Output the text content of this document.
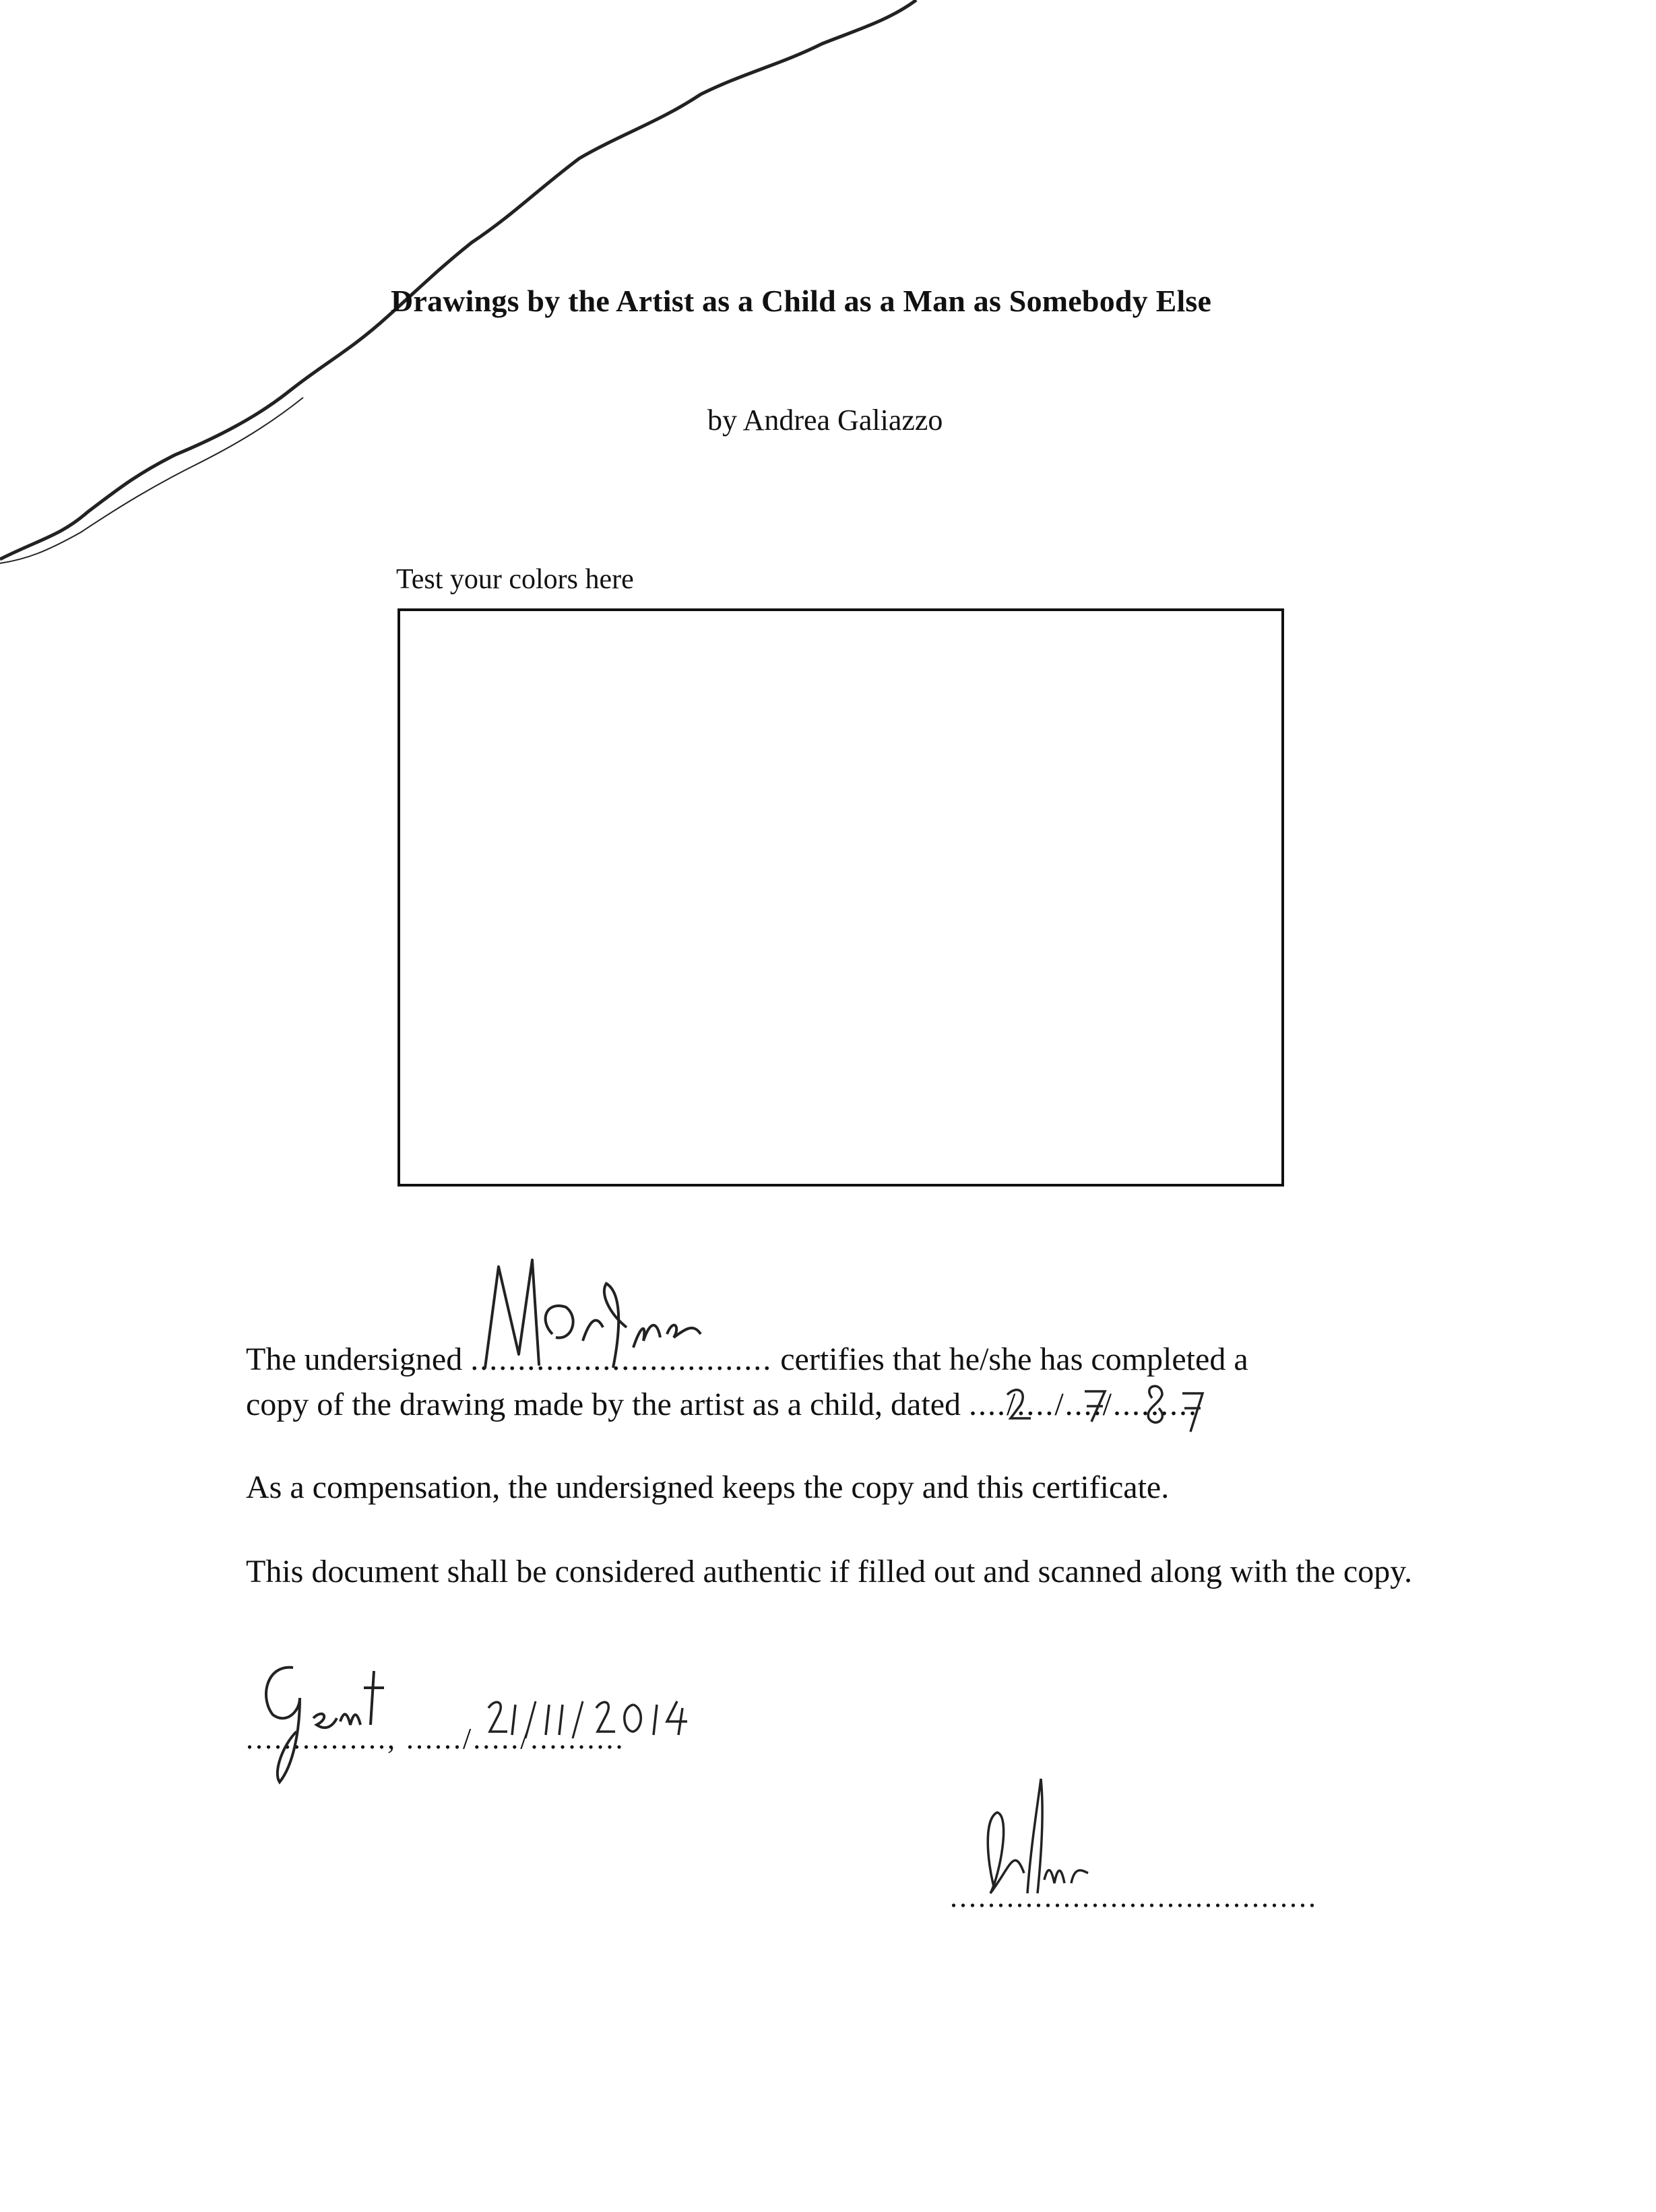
Drawings by the Artist as a Child as a Man as Somebody Else
by Andrea Galiazzo
Test your colors here
The undersigned ................................ certifies that he/she has completed a
copy of the drawing made by the artist as a child, dated ..../..../..../.........
As a compensation, the undersigned keeps the copy and this certificate.
This document shall be considered authentic if filled out and scanned along with the copy.
..............., ....../...../..........
.......................................
